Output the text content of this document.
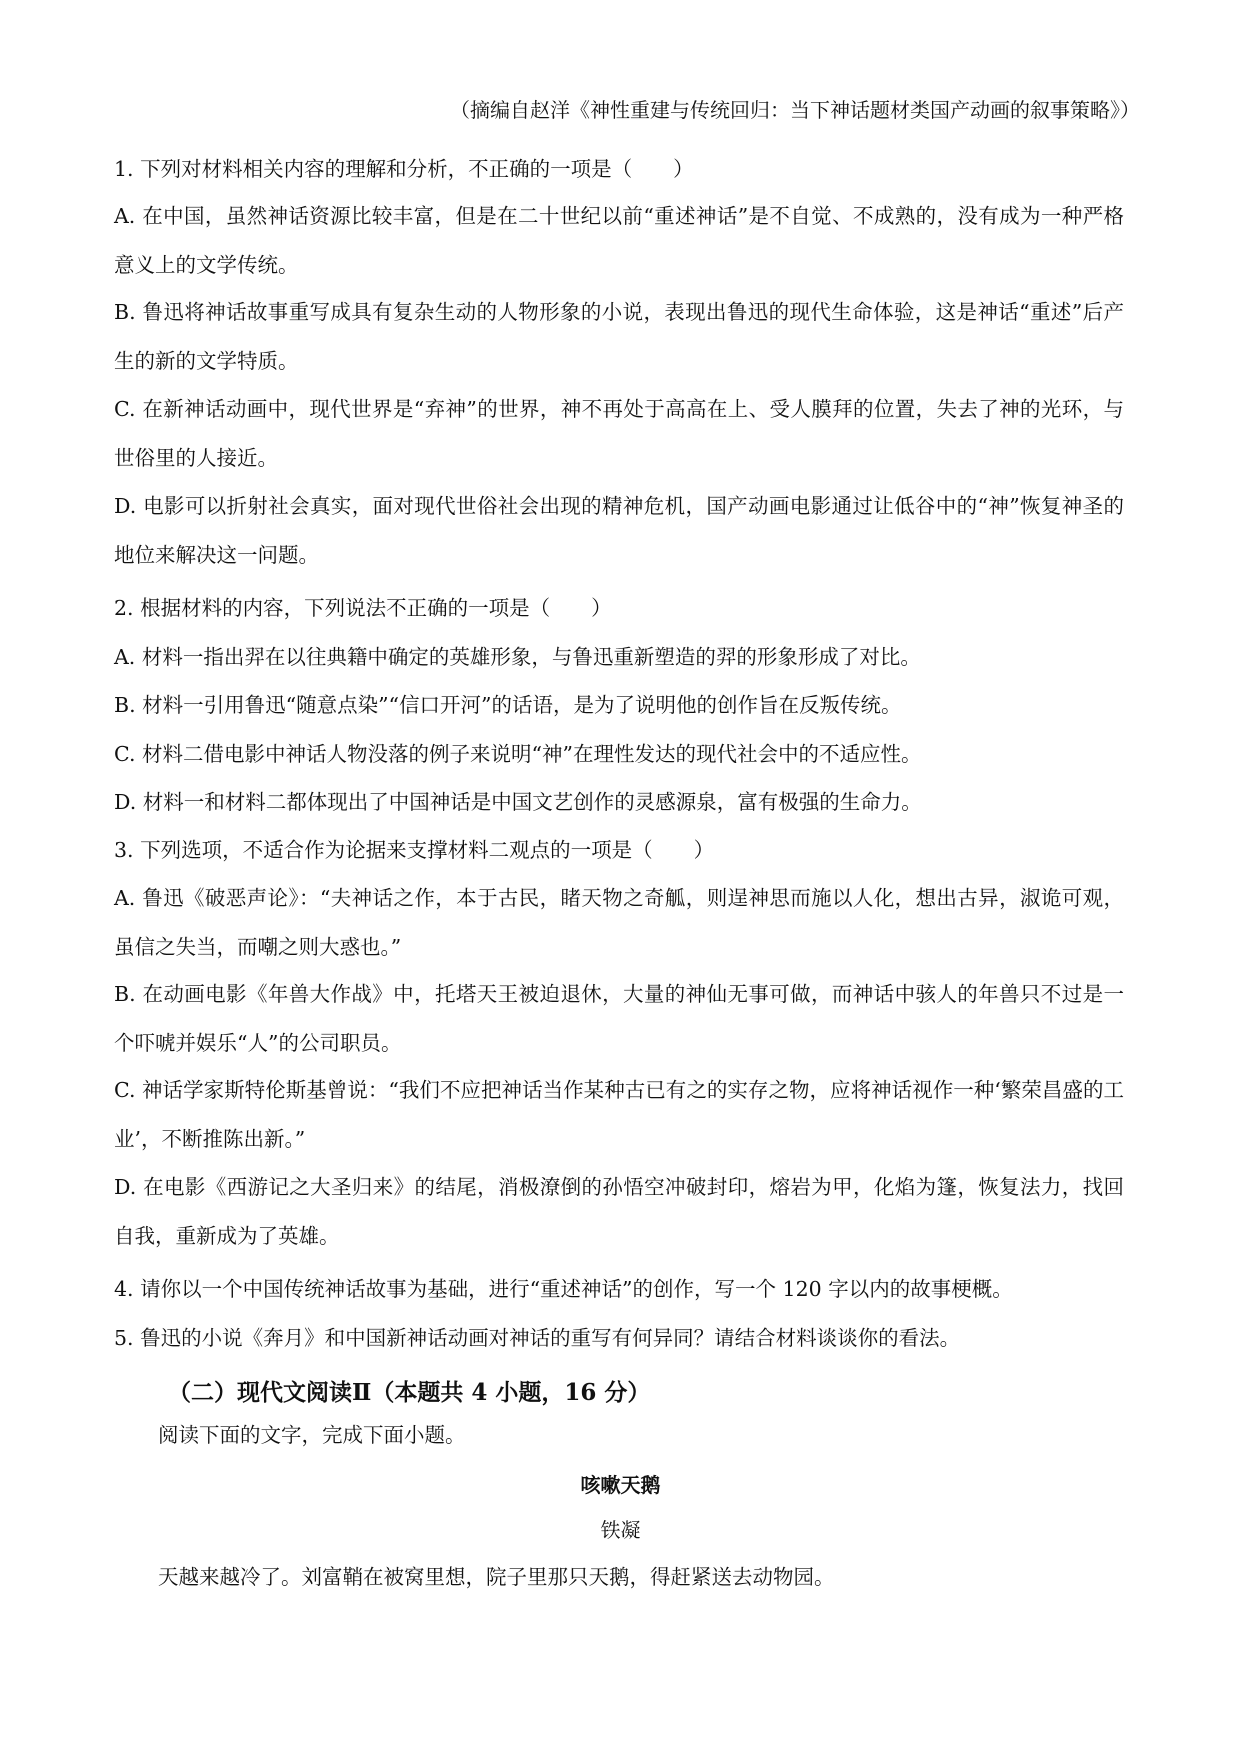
（摘编自赵洋《神性重建与传统回归：当下神话题材类国产动画的叙事策略》）
1. 下列对材料相关内容的理解和分析，不正确的一项是（　　）
A. 在中国，虽然神话资源比较丰富，但是在二十世纪以前“重述神话”是不自觉、不成熟的，没有成为一种严格意义上的文学传统。
B. 鲁迅将神话故事重写成具有复杂生动的人物形象的小说，表现出鲁迅的现代生命体验，这是神话“重述”后产生的新的文学特质。
C. 在新神话动画中，现代世界是“弃神”的世界，神不再处于高高在上、受人膜拜的位置，失去了神的光环，与世俗里的人接近。
D. 电影可以折射社会真实，面对现代世俗社会出现的精神危机，国产动画电影通过让低谷中的“神”恢复神圣的地位来解决这一问题。
2. 根据材料的内容，下列说法不正确的一项是（　　）
A. 材料一指出羿在以往典籍中确定的英雄形象，与鲁迅重新塑造的羿的形象形成了对比。
B. 材料一引用鲁迅“随意点染”“信口开河”的话语，是为了说明他的创作旨在反叛传统。
C. 材料二借电影中神话人物没落的例子来说明“神”在理性发达的现代社会中的不适应性。
D. 材料一和材料二都体现出了中国神话是中国文艺创作的灵感源泉，富有极强的生命力。
3. 下列选项，不适合作为论据来支撑材料二观点的一项是（　　）
A. 鲁迅《破恶声论》：“夫神话之作，本于古民，睹天物之奇觚，则逞神思而施以人化，想出古异，淑诡可观，虽信之失当，而嘲之则大惑也。”
B. 在动画电影《年兽大作战》中，托塔天王被迫退休，大量的神仙无事可做，而神话中骇人的年兽只不过是一个吓唬并娱乐“人”的公司职员。
C. 神话学家斯特伦斯基曾说：“我们不应把神话当作某种古已有之的实存之物，应将神话视作一种‘繁荣昌盛的工业’，不断推陈出新。”
D. 在电影《西游记之大圣归来》的结尾，消极潦倒的孙悟空冲破封印，熔岩为甲，化焰为篷，恢复法力，找回自我，重新成为了英雄。
4. 请你以一个中国传统神话故事为基础，进行“重述神话”的创作，写一个 120 字以内的故事梗概。
5. 鲁迅的小说《奔月》和中国新神话动画对神话的重写有何异同？请结合材料谈谈你的看法。
（二）现代文阅读Ⅱ（本题共 4 小题，16 分）
阅读下面的文字，完成下面小题。
咳嗽天鹅
铁凝
天越来越冷了。刘富鞘在被窝里想，院子里那只天鹅，得赶紧送去动物园。
